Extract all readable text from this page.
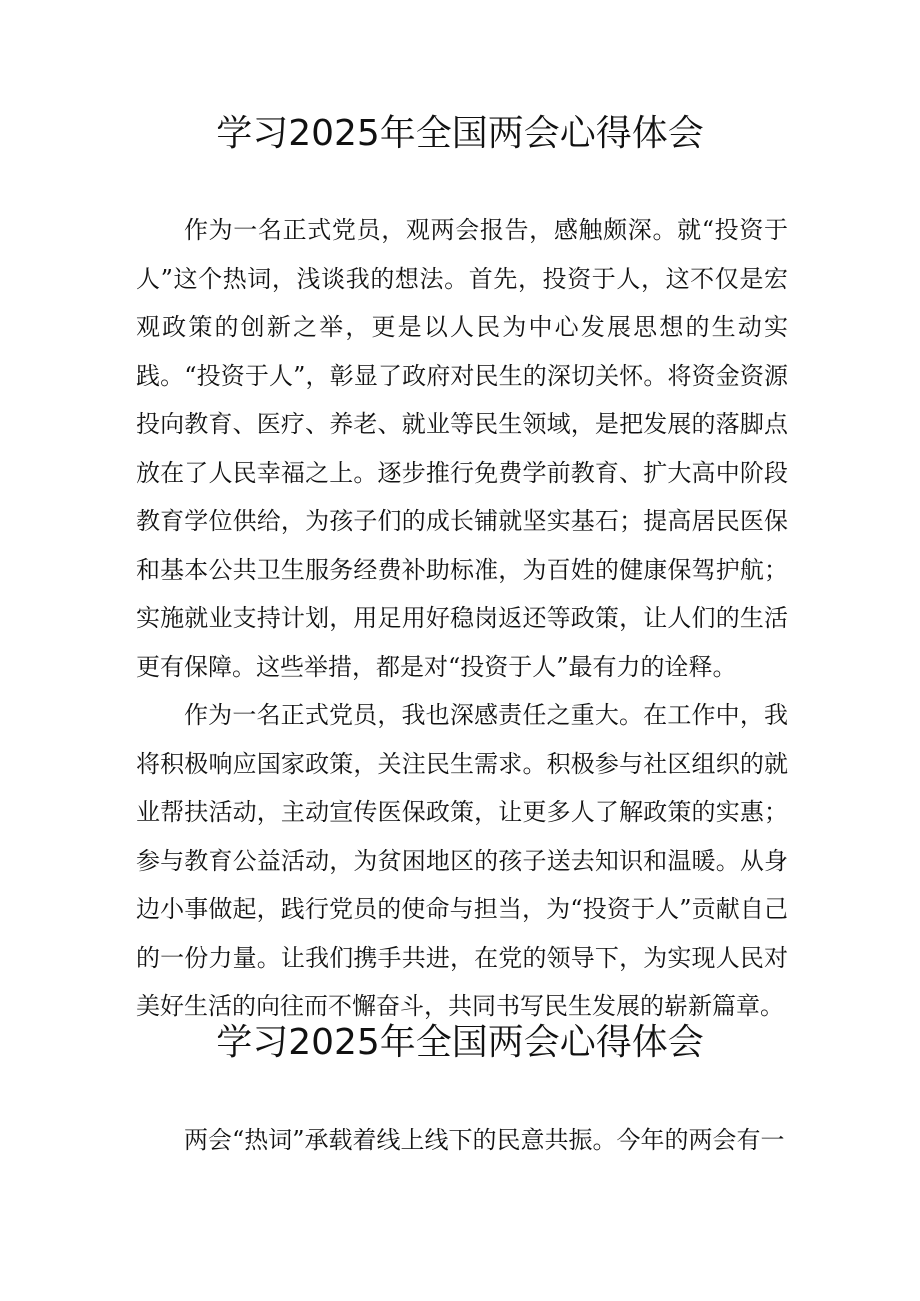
学习2025年全国两会心得体会

作为一名正式党员，观两会报告，感触颇深。就“投资于人”这个热词，浅谈我的想法。首先，投资于人，这不仅是宏观政策的创新之举，更是以人民为中心发展思想的生动实践。“投资于人”，彰显了政府对民生的深切关怀。将资金资源投向教育、医疗、养老、就业等民生领域，是把发展的落脚点放在了人民幸福之上。逐步推行免费学前教育、扩大高中阶段教育学位供给，为孩子们的成长铺就坚实基石；提高居民医保和基本公共卫生服务经费补助标准，为百姓的健康保驾护航；实施就业支持计划，用足用好稳岗返还等政策，让人们的生活更有保障。这些举措，都是对“投资于人”最有力的诠释。

作为一名正式党员，我也深感责任之重大。在工作中，我将积极响应国家政策，关注民生需求。积极参与社区组织的就业帮扶活动，主动宣传医保政策，让更多人了解政策的实惠；参与教育公益活动，为贫困地区的孩子送去知识和温暖。从身边小事做起，践行党员的使命与担当，为“投资于人”贡献自己的一份力量。让我们携手共进，在党的领导下，为实现人民对美好生活的向往而不懈奋斗，共同书写民生发展的崭新篇章。

学习2025年全国两会心得体会

两会“热词”承载着线上线下的民意共振。今年的两会有一
